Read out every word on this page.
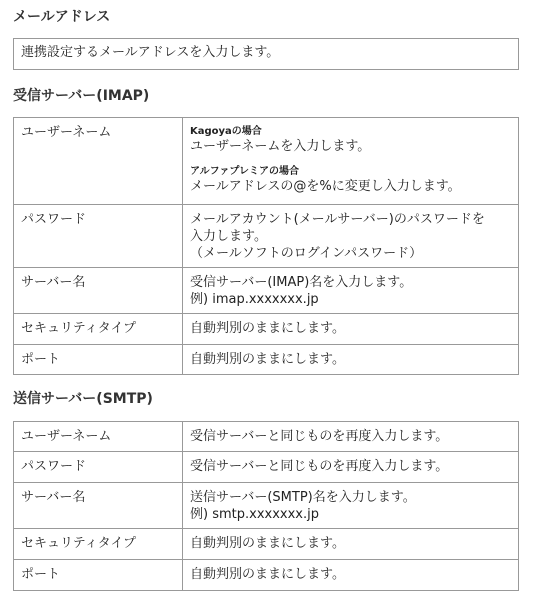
メールアドレス
連携設定するメールアドレスを入力します。
受信サーバー(IMAP)
ユーザーネーム	Kagoyaの場合
ユーザーネームを入力します。
アルファプレミアの場合
メールアドレスの@を%に変更し入力します。

パスワード	メールアカウント(メールサーバー)のパスワードを
入力します。
（メールソフトのログインパスワード）

サーバー名	受信サーバー(IMAP)名を入力します。
例) imap.xxxxxxx.jp

セキュリティタイプ	自動判別のままにします。
ポート	自動判別のままにします。
送信サーバー(SMTP)
ユーザーネーム	受信サーバーと同じものを再度入力します。
パスワード	受信サーバーと同じものを再度入力します。
サーバー名	送信サーバー(SMTP)名を入力します。
例) smtp.xxxxxxx.jp

セキュリティタイプ	自動判別のままにします。
ポート	自動判別のままにします。
